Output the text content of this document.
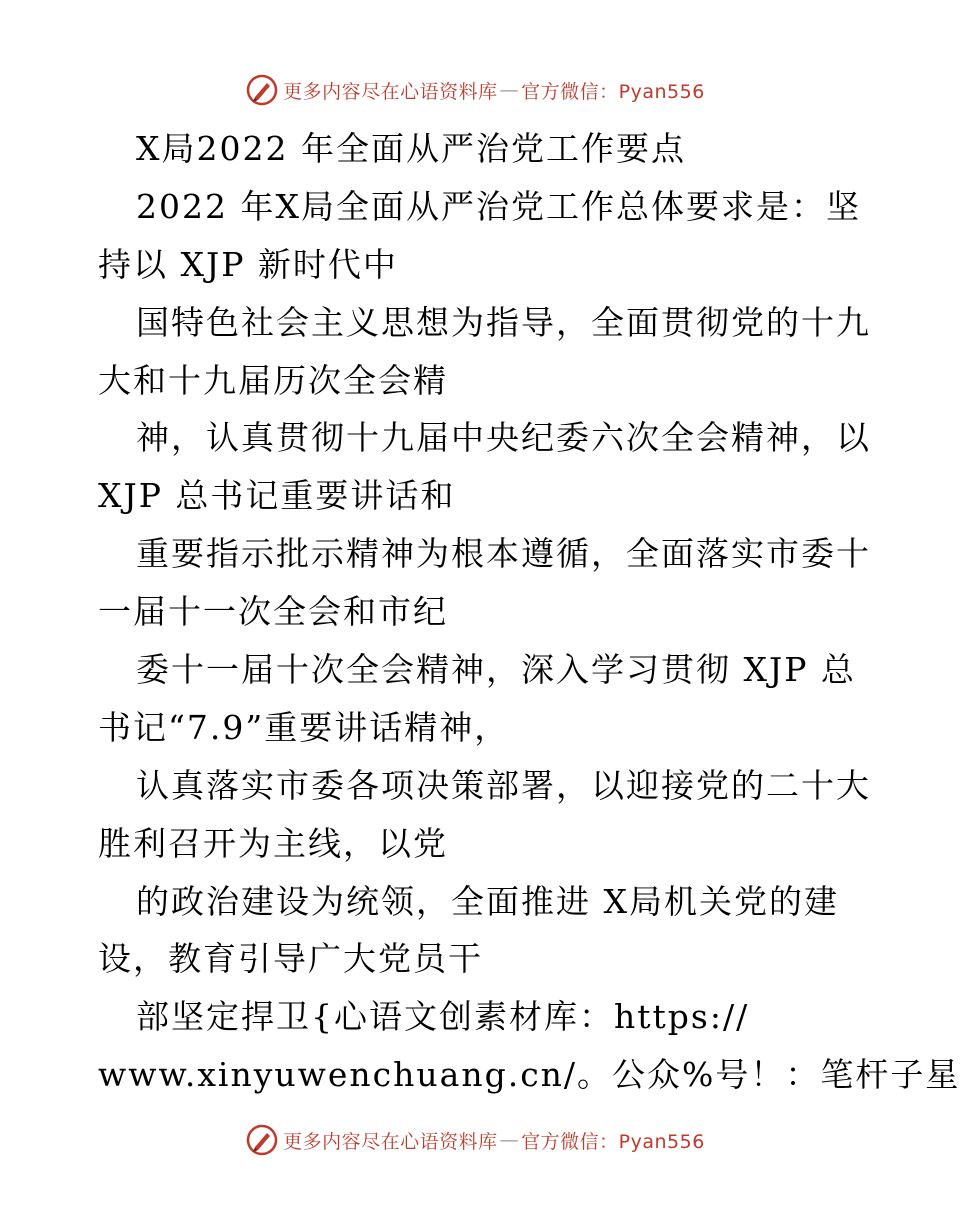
更多内容尽在心语资料库 — 官方微信：Pyan556
X局2022 年全面从严治党工作要点
2022 年X局全面从严治党工作总体要求是：坚
持以 XJP 新时代中
国特色社会主义思想为指导，全面贯彻党的十九
大和十九届历次全会精
神，认真贯彻十九届中央纪委六次全会精神，以
XJP 总书记重要讲话和
重要指示批示精神为根本遵循，全面落实市委十
一届十一次全会和市纪
委十一届十次全会精神，深入学习贯彻 XJP 总
书记“7.9”重要讲话精神，
认真落实市委各项决策部署，以迎接党的二十大
胜利召开为主线，以党
的政治建设为统领，全面推进 X局机关党的建
设，教育引导广大党员干
部坚定捍卫{心语文创素材库：https://
www.xinyuwenchuang.cn/。公众%号！：笔杆子星
更多内容尽在心语资料库 — 官方微信：Pyan556
